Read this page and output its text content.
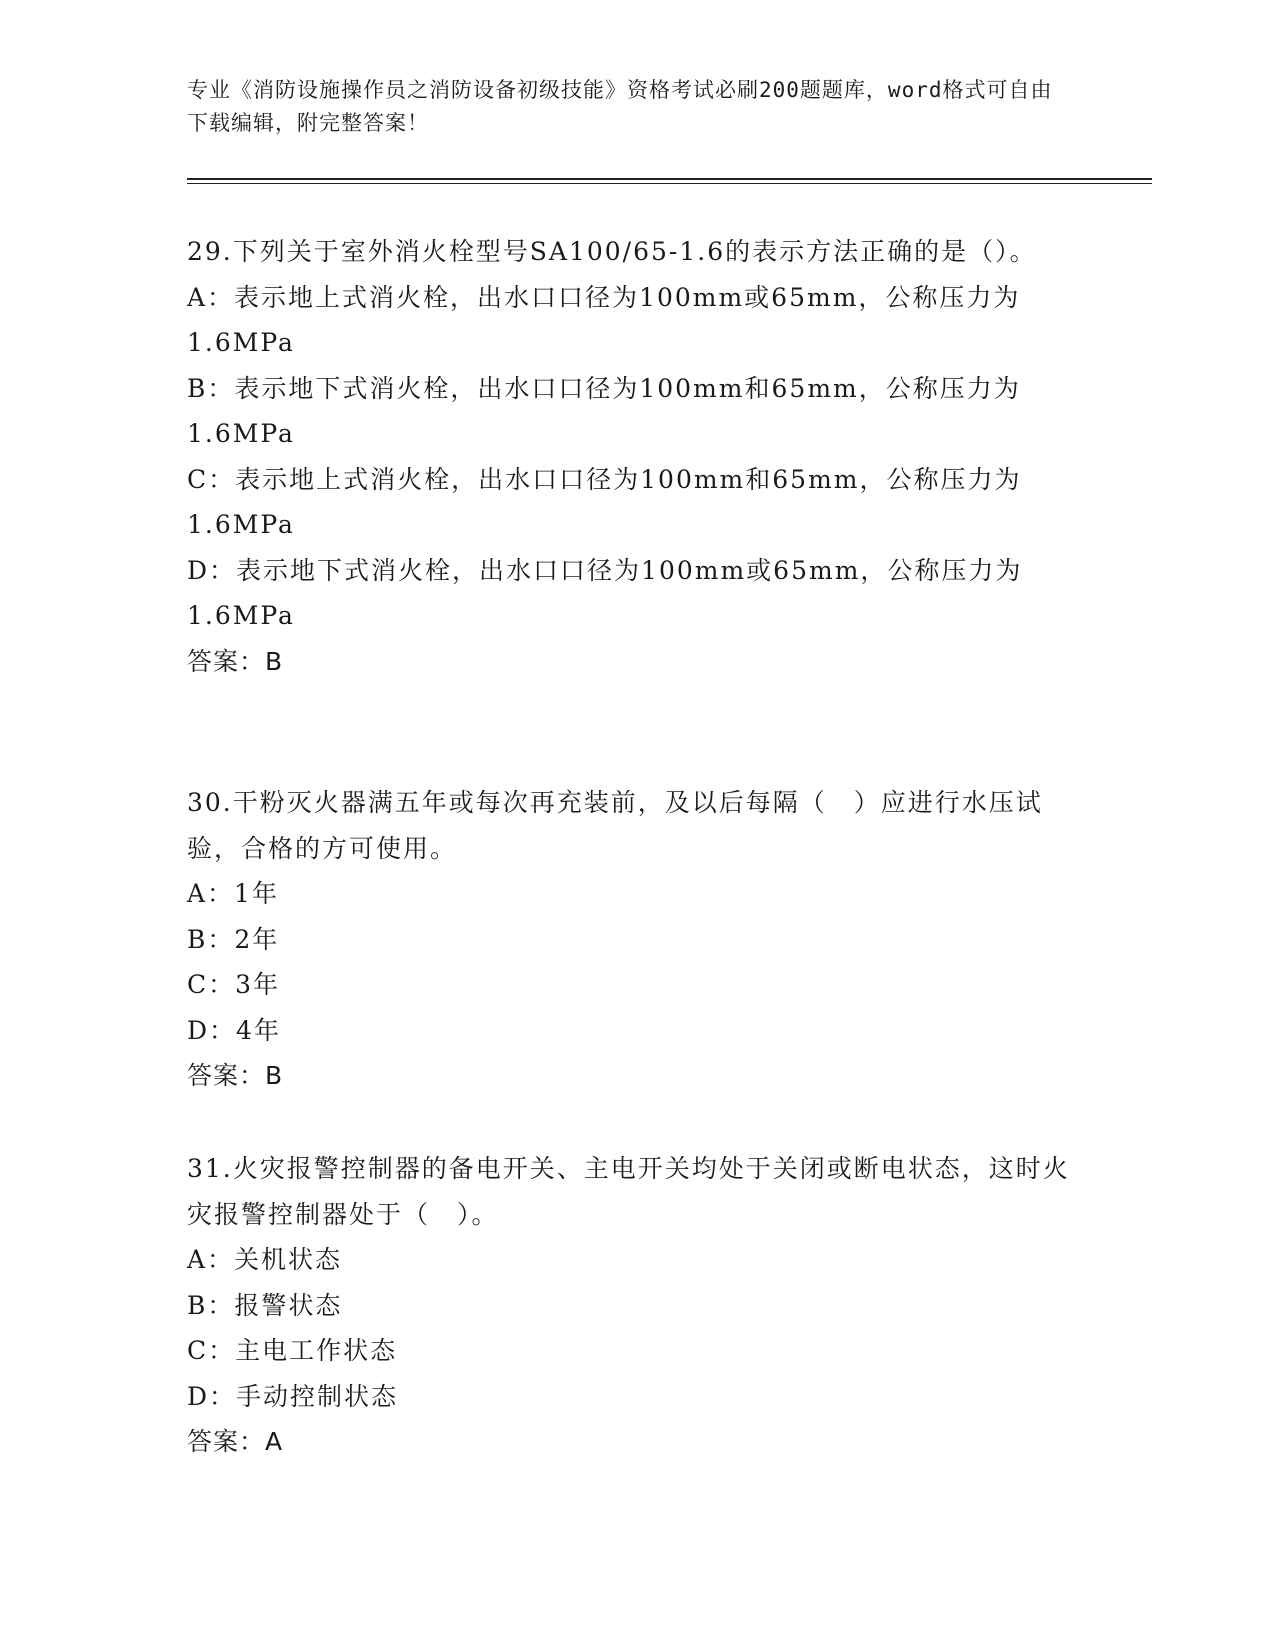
专业《消防设施操作员之消防设备初级技能》资格考试必刷200题题库，word格式可自由下载编辑，附完整答案！

29.下列关于室外消火栓型号SA100/65-1.6的表示方法正确的是（）。

A：表示地上式消火栓，出水口口径为100mm或65mm，公称压力为1.6MPa

B：表示地下式消火栓，出水口口径为100mm和65mm，公称压力为1.6MPa

C：表示地上式消火栓，出水口口径为100mm和65mm，公称压力为1.6MPa

D：表示地下式消火栓，出水口口径为100mm或65mm，公称压力为1.6MPa

答案：B

30.干粉灭火器满五年或每次再充装前，及以后每隔（　）应进行水压试验，合格的方可使用。

A：1年

B：2年

C：3年

D：4年

答案：B

31.火灾报警控制器的备电开关、主电开关均处于关闭或断电状态，这时火灾报警控制器处于（　）。

A：关机状态

B：报警状态

C：主电工作状态

D：手动控制状态

答案：A
